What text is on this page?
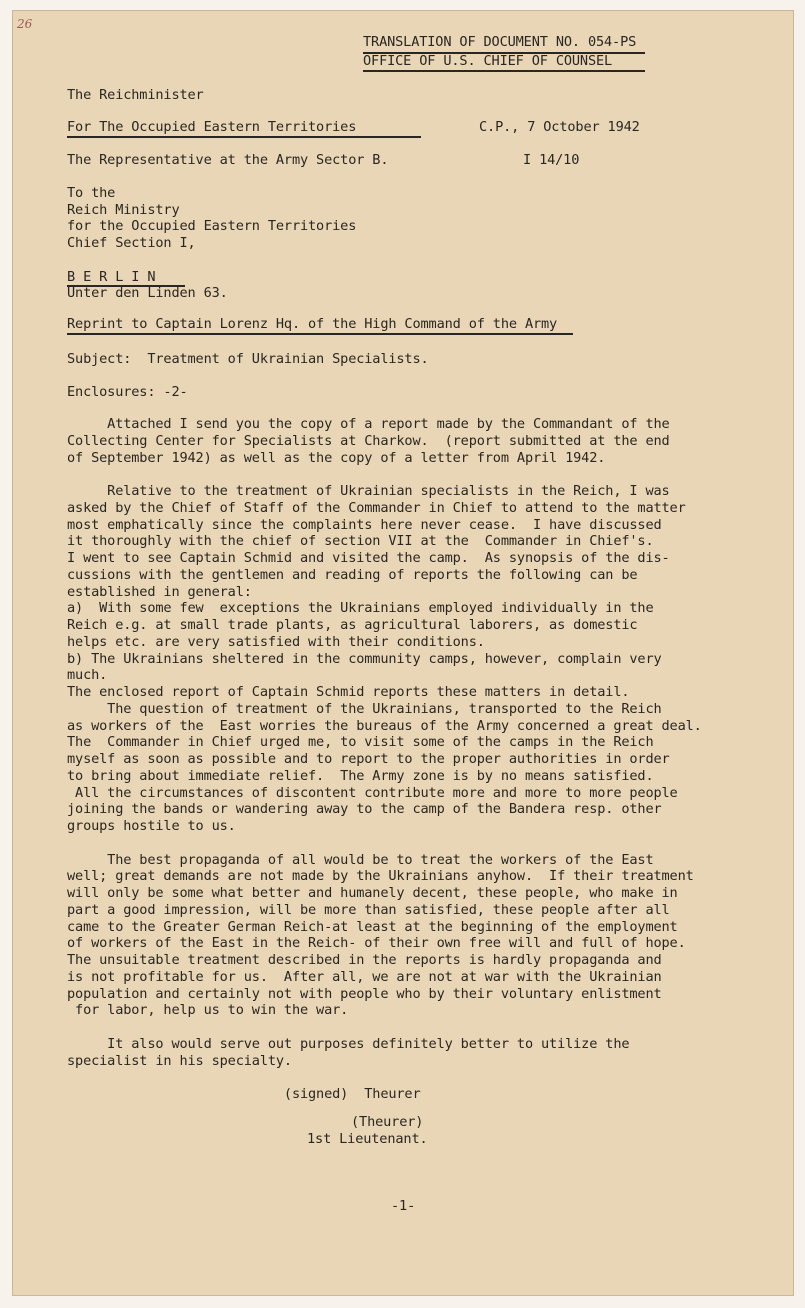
26
TRANSLATION OF DOCUMENT NO. 054-PS
OFFICE OF U.S. CHIEF OF COUNSEL
The Reichminister
For The Occupied Eastern Territories	C.P., 7 October 1942
The Representative at the Army Sector B.	I 14/10
To the
Reich Ministry
for the Occupied Eastern Territories
Chief Section I,
B E R L I N
Unter den Linden 63.
Reprint to Captain Lorenz Hq. of the High Command of the Army
Subject:  Treatment of Ukrainian Specialists.
Enclosures: -2-
Attached I send you the copy of a report made by the Commandant of the
Collecting Center for Specialists at Charkow.  (report submitted at the end
of September 1942) as well as the copy of a letter from April 1942.
Relative to the treatment of Ukrainian specialists in the Reich, I was
asked by the Chief of Staff of the Commander in Chief to attend to the matter
most emphatically since the complaints here never cease.  I have discussed
it thoroughly with the chief of section VII at the  Commander in Chief's.
I went to see Captain Schmid and visited the camp.  As synopsis of the dis-
cussions with the gentlemen and reading of reports the following can be
established in general:
a)  With some few  exceptions the Ukrainians employed individually in the
Reich e.g. at small trade plants, as agricultural laborers, as domestic
helps etc. are very satisfied with their conditions.
b) The Ukrainians sheltered in the community camps, however, complain very
much.
The enclosed report of Captain Schmid reports these matters in detail.
The question of treatment of the Ukrainians, transported to the Reich
as workers of the  East worries the bureaus of the Army concerned a great deal.
The  Commander in Chief urged me, to visit some of the camps in the Reich
myself as soon as possible and to report to the proper authorities in order
to bring about immediate relief.  The Army zone is by no means satisfied.
All the circumstances of discontent contribute more and more to more people
joining the bands or wandering away to the camp of the Bandera resp. other
groups hostile to us.
The best propaganda of all would be to treat the workers of the East
well; great demands are not made by the Ukrainians anyhow.  If their treatment
will only be some what better and humanely decent, these people, who make in
part a good impression, will be more than satisfied, these people after all
came to the Greater German Reich-at least at the beginning of the employment
of workers of the East in the Reich- of their own free will and full of hope.
The unsuitable treatment described in the reports is hardly propaganda and
is not profitable for us.  After all, we are not at war with the Ukrainian
population and certainly not with people who by their voluntary enlistment
for labor, help us to win the war.
It also would serve out purposes definitely better to utilize the
specialist in his specialty.
(signed)  Theurer
(Theurer)
1st Lieutenant.
-1-
